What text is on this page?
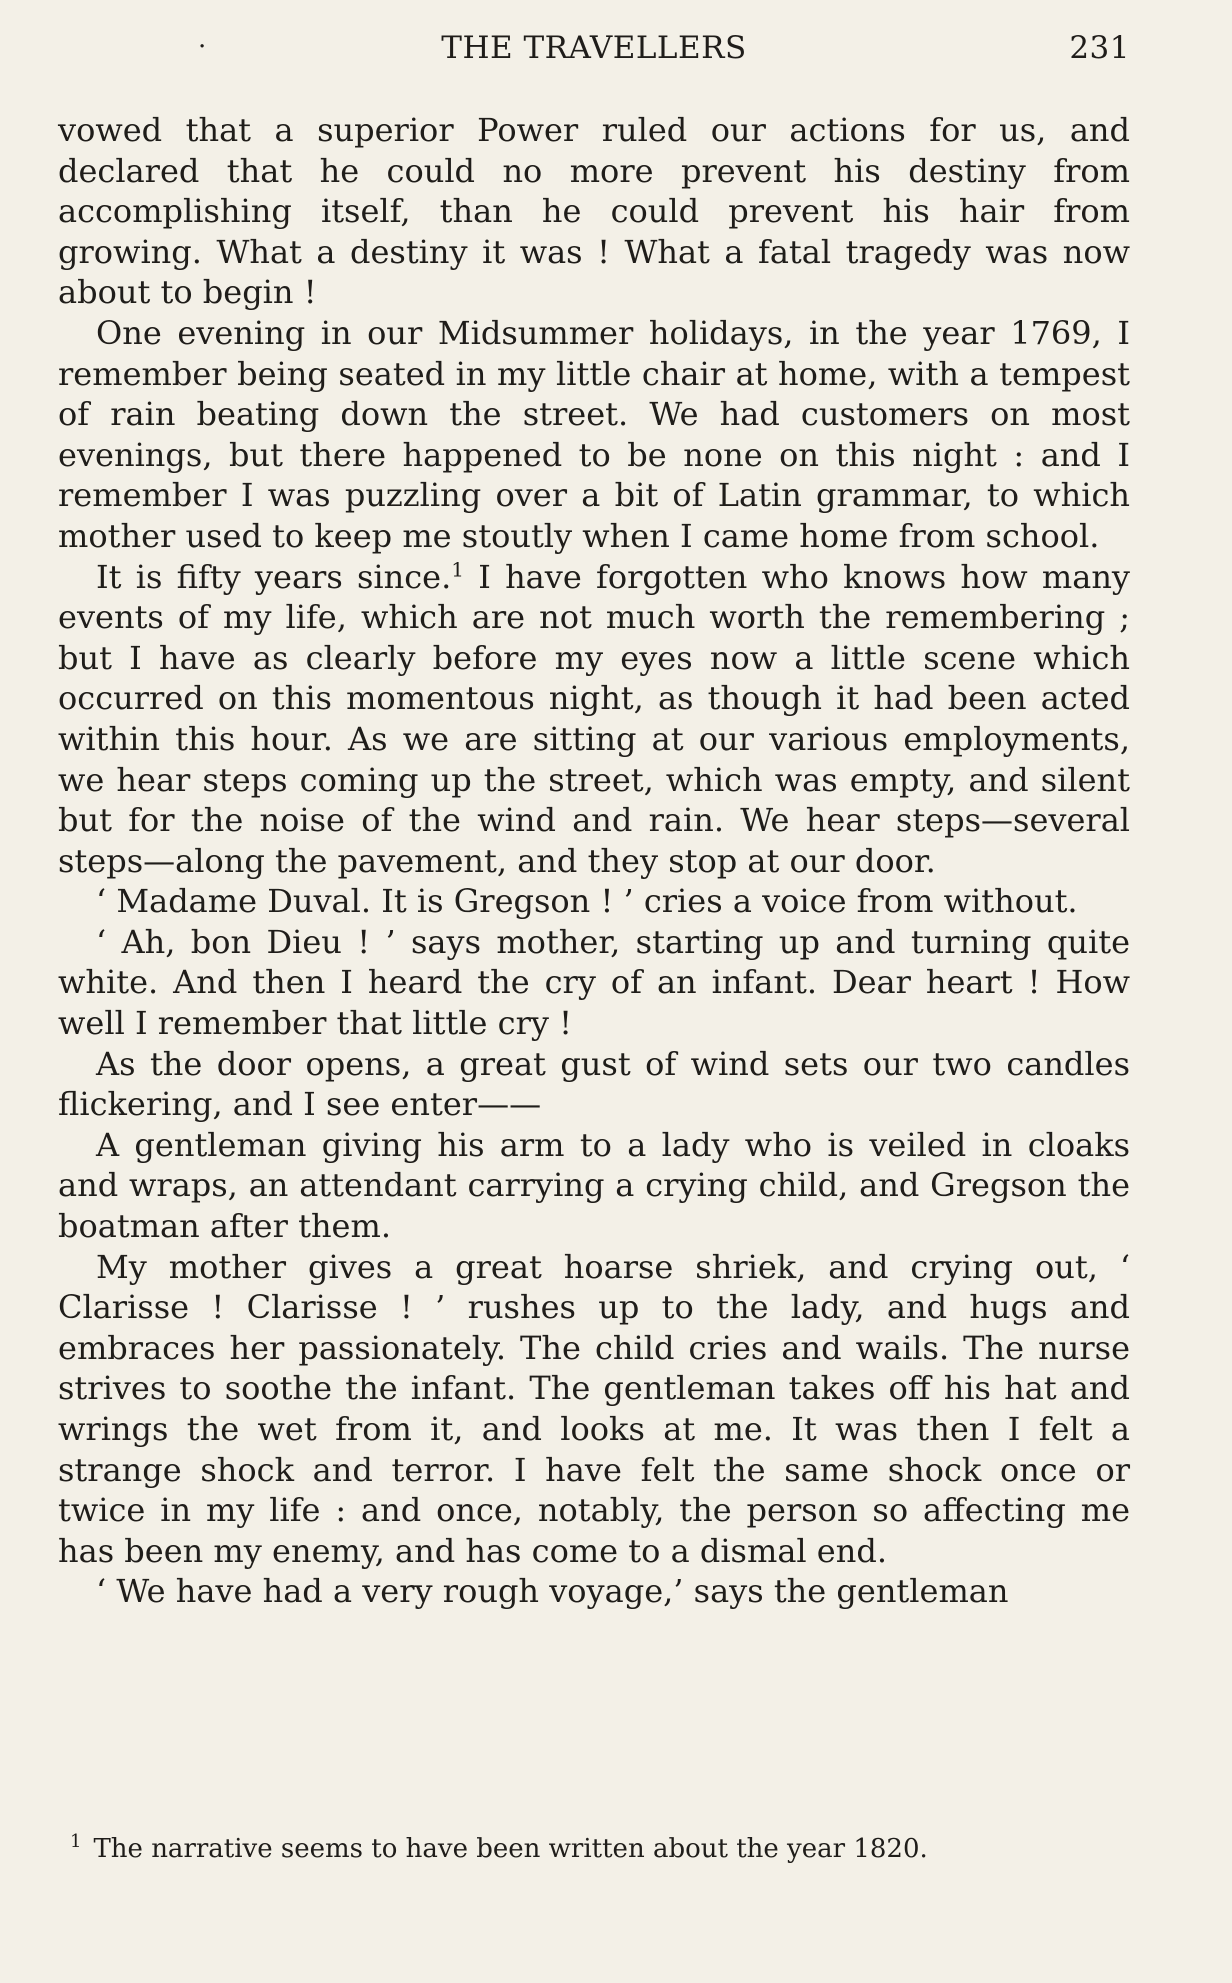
·	THE TRAVELLERS	231

vowed that a superior Power ruled our actions for us, and declared that he could no more prevent his destiny from accomplishing itself, than he could prevent his hair from growing. What a destiny it was ! What a fatal tragedy was now about to begin !

One evening in our Midsummer holidays, in the year 1769, I remember being seated in my little chair at home, with a tempest of rain beating down the street. We had customers on most evenings, but there happened to be none on this night : and I remember I was puzzling over a bit of Latin grammar, to which mother used to keep me stoutly when I came home from school.

It is fifty years since.$^1$ I have forgotten who knows how many events of my life, which are not much worth the remembering ; but I have as clearly before my eyes now a little scene which occurred on this momentous night, as though it had been acted within this hour. As we are sitting at our various employments, we hear steps coming up the street, which was empty, and silent but for the noise of the wind and rain. We hear steps—several steps—along the pavement, and they stop at our door.

‘ Madame Duval. It is Gregson ! ’ cries a voice from without.

‘ Ah, bon Dieu ! ’ says mother, starting up and turning quite white. And then I heard the cry of an infant. Dear heart ! How well I remember that little cry !

As the door opens, a great gust of wind sets our two candles flickering, and I see enter——

A gentleman giving his arm to a lady who is veiled in cloaks and wraps, an attendant carrying a crying child, and Gregson the boatman after them.

My mother gives a great hoarse shriek, and crying out, ‘ Clarisse ! Clarisse ! ’ rushes up to the lady, and hugs and embraces her passionately. The child cries and wails. The nurse strives to soothe the infant. The gentleman takes off his hat and wrings the wet from it, and looks at me. It was then I felt a strange shock and terror. I have felt the same shock once or twice in my life : and once, notably, the person so affecting me has been my enemy, and has come to a dismal end.

‘ We have had a very rough voyage,’ says the gentleman

$^1$ The narrative seems to have been written about the year 1820.
